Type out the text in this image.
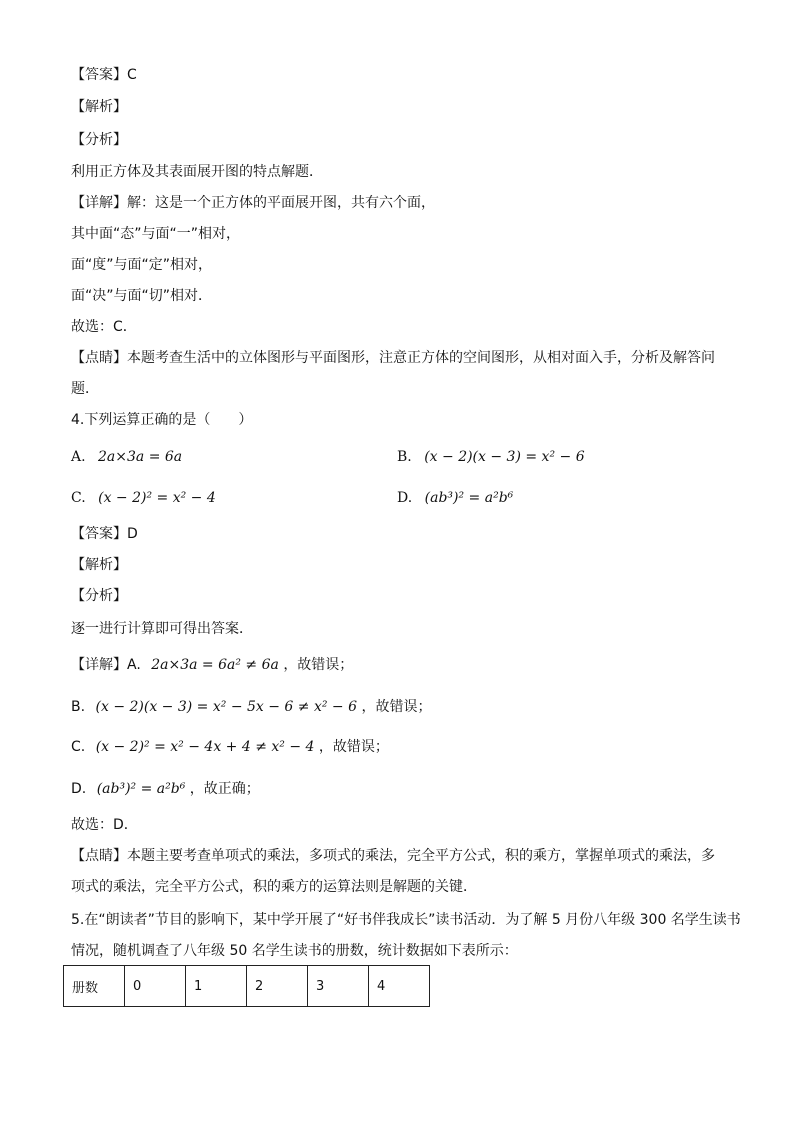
【答案】C
【解析】
【分析】
利用正方体及其表面展开图的特点解题．
【详解】解：这是一个正方体的平面展开图，共有六个面，
其中面“态”与面“一”相对，
面“度”与面“定”相对，
面“决”与面“切”相对．
故选：C．
【点睛】本题考查生活中的立体图形与平面图形，注意正方体的空间图形，从相对面入手，分析及解答问
题．
4.下列运算正确的是（　　）
A. 2a×3a = 6a	B. (x − 2)(x − 3) = x² − 6
C. (x − 2)² = x² − 4	D. (ab³)² = a²b⁶
【答案】D
【解析】
【分析】
逐一进行计算即可得出答案．
【详解】A. 2a×3a = 6a² ≠ 6a ，故错误；
B. (x − 2)(x − 3) = x² − 5x − 6 ≠ x² − 6 ，故错误；
C. (x − 2)² = x² − 4x + 4 ≠ x² − 4 ，故错误；
D. (ab³)² = a²b⁶ ，故正确；
故选：D．
【点睛】本题主要考查单项式的乘法，多项式的乘法，完全平方公式，积的乘方，掌握单项式的乘法，多
项式的乘法，完全平方公式，积的乘方的运算法则是解题的关键．
5.在“朗读者”节目的影响下，某中学开展了“好书伴我成长”读书活动．为了解 5 月份八年级 300 名学生读书
情况，随机调查了八年级 50 名学生读书的册数，统计数据如下表所示：
册数	0	1	2	3	4
